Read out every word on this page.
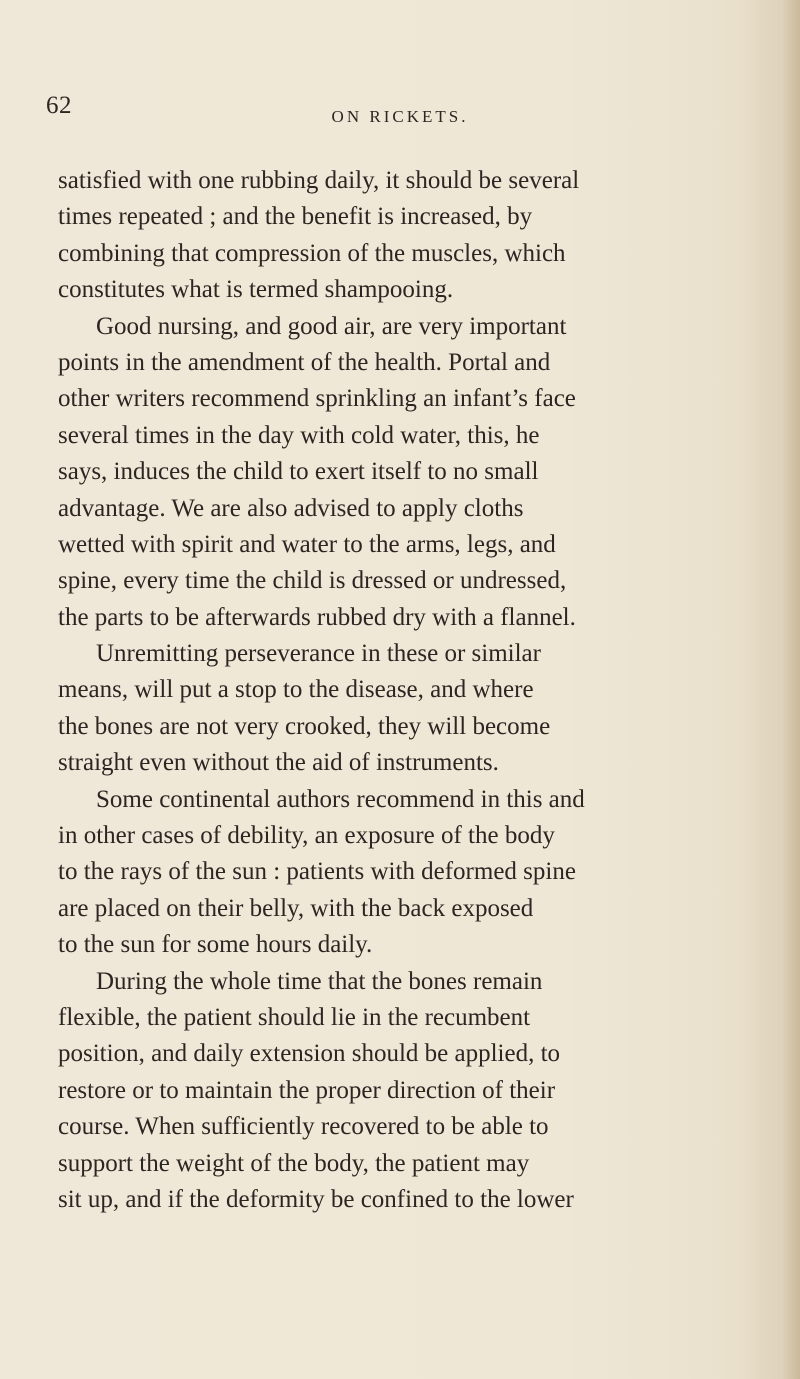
62	ON RICKETS.
satisfied with one rubbing daily, it should be several
times repeated ; and the benefit is increased, by
combining that compression of the muscles, which
constitutes what is termed shampooing.
Good nursing, and good air, are very important
points in the amendment of the health. Portal and
other writers recommend sprinkling an infant’s face
several times in the day with cold water, this, he
says, induces the child to exert itself to no small
advantage. We are also advised to apply cloths
wetted with spirit and water to the arms, legs, and
spine, every time the child is dressed or undressed,
the parts to be afterwards rubbed dry with a flannel.
Unremitting perseverance in these or similar
means, will put a stop to the disease, and where
the bones are not very crooked, they will become
straight even without the aid of instruments.
Some continental authors recommend in this and
in other cases of debility, an exposure of the body
to the rays of the sun : patients with deformed spine
are placed on their belly, with the back exposed
to the sun for some hours daily.
During the whole time that the bones remain
flexible, the patient should lie in the recumbent
position, and daily extension should be applied, to
restore or to maintain the proper direction of their
course. When sufficiently recovered to be able to
support the weight of the body, the patient may
sit up, and if the deformity be confined to the lower
